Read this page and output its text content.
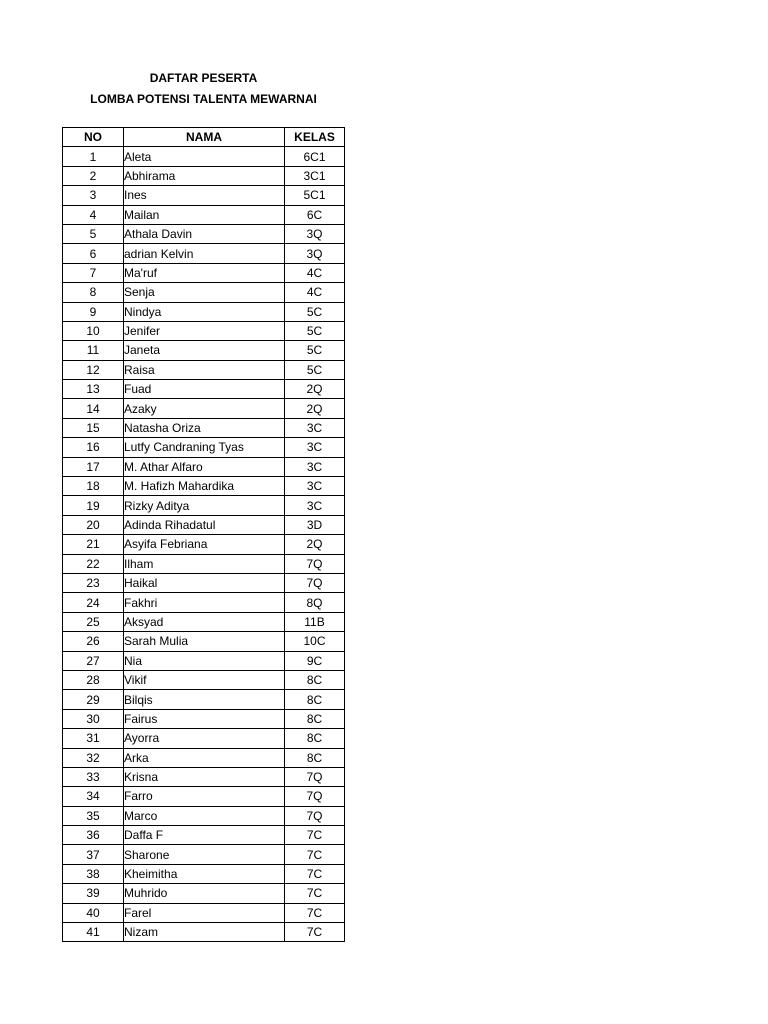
DAFTAR PESERTA
LOMBA POTENSI TALENTA MEWARNAI
NO	NAMA	KELAS
1	Aleta	6C1
2	Abhirama	3C1
3	Ines	5C1
4	Mailan	6C
5	Athala Davin	3Q
6	adrian Kelvin	3Q
7	Ma'ruf	4C
8	Senja	4C
9	Nindya	5C
10	Jenifer	5C
11	Janeta	5C
12	Raisa	5C
13	Fuad	2Q
14	Azaky	2Q
15	Natasha Oriza	3C
16	Lutfy Candraning Tyas	3C
17	M. Athar Alfaro	3C
18	M. Hafizh Mahardika	3C
19	Rizky Aditya	3C
20	Adinda Rihadatul	3D
21	Asyifa Febriana	2Q
22	Ilham	7Q
23	Haikal	7Q
24	Fakhri	8Q
25	Aksyad	11B
26	Sarah Mulia	10C
27	Nia	9C
28	Vikif	8C
29	Bilqis	8C
30	Fairus	8C
31	Ayorra	8C
32	Arka	8C
33	Krisna	7Q
34	Farro	7Q
35	Marco	7Q
36	Daffa F	7C
37	Sharone	7C
38	Kheimitha	7C
39	Muhrido	7C
40	Farel	7C
41	Nizam	7C
